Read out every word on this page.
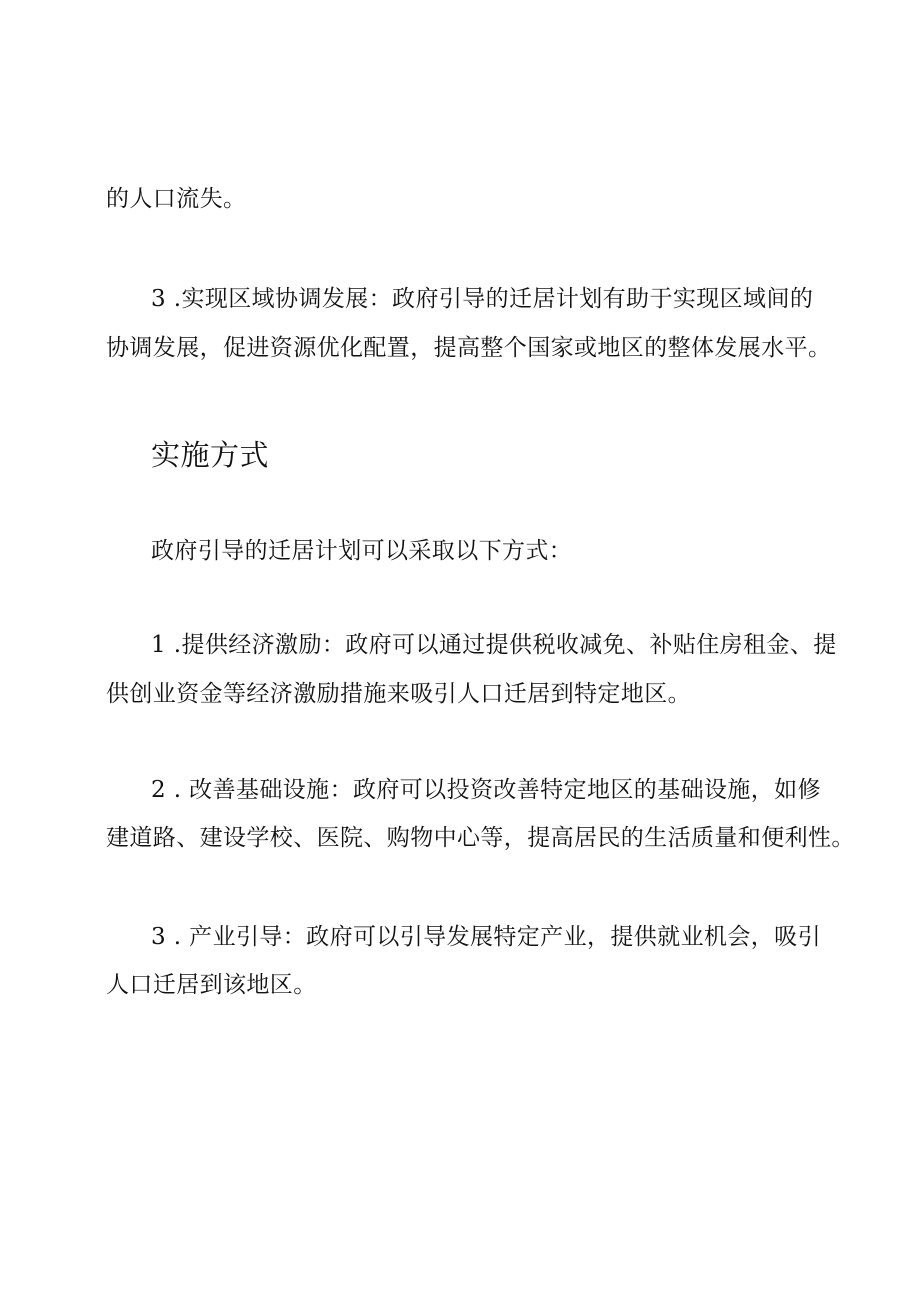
的人口流失。
3 .实现区域协调发展：政府引导的迁居计划有助于实现区域间的
协调发展，促进资源优化配置，提高整个国家或地区的整体发展水平。
实施方式
政府引导的迁居计划可以采取以下方式：
1 .提供经济激励：政府可以通过提供税收减免、补贴住房租金、提
供创业资金等经济激励措施来吸引人口迁居到特定地区。
2 . 改善基础设施：政府可以投资改善特定地区的基础设施，如修
建道路、建设学校、医院、购物中心等，提高居民的生活质量和便利性。
3 . 产业引导：政府可以引导发展特定产业，提供就业机会，吸引
人口迁居到该地区。
